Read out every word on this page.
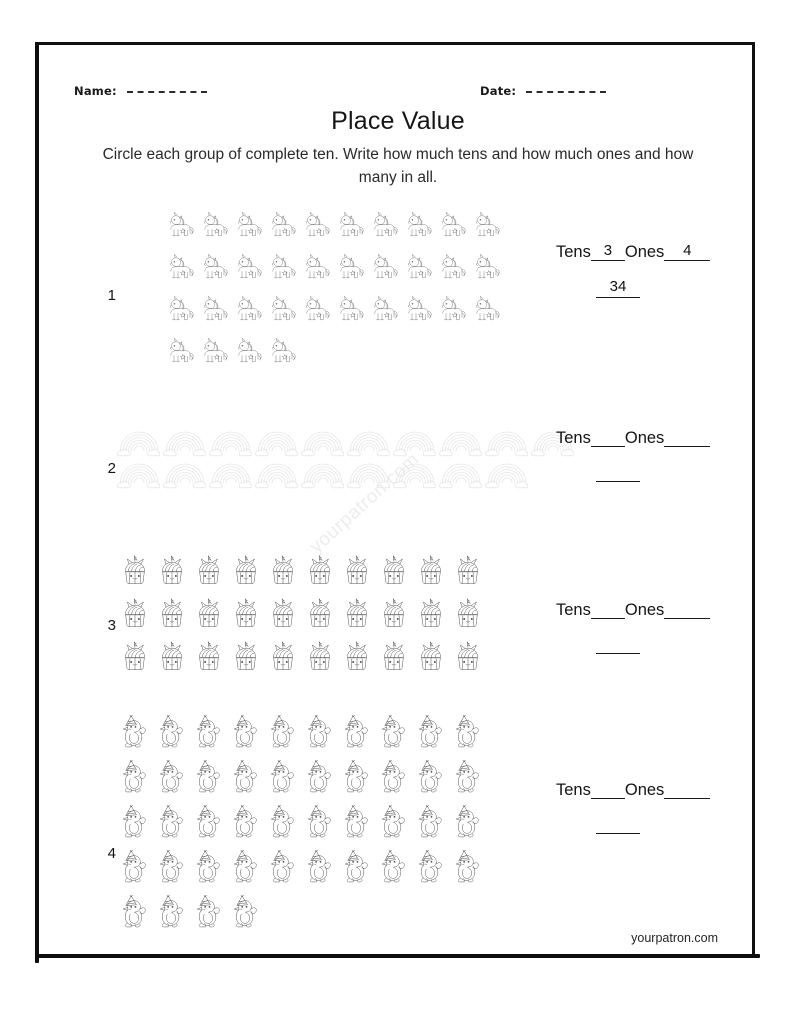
Name:	Date:
Place Value
Circle each group of complete ten. Write how much tens and how much ones and how many in all.
yourpatron.com
1
Tens 3 Ones	4
34
2
Tens Ones
3
Tens Ones
4
Tens Ones
yourpatron.com
